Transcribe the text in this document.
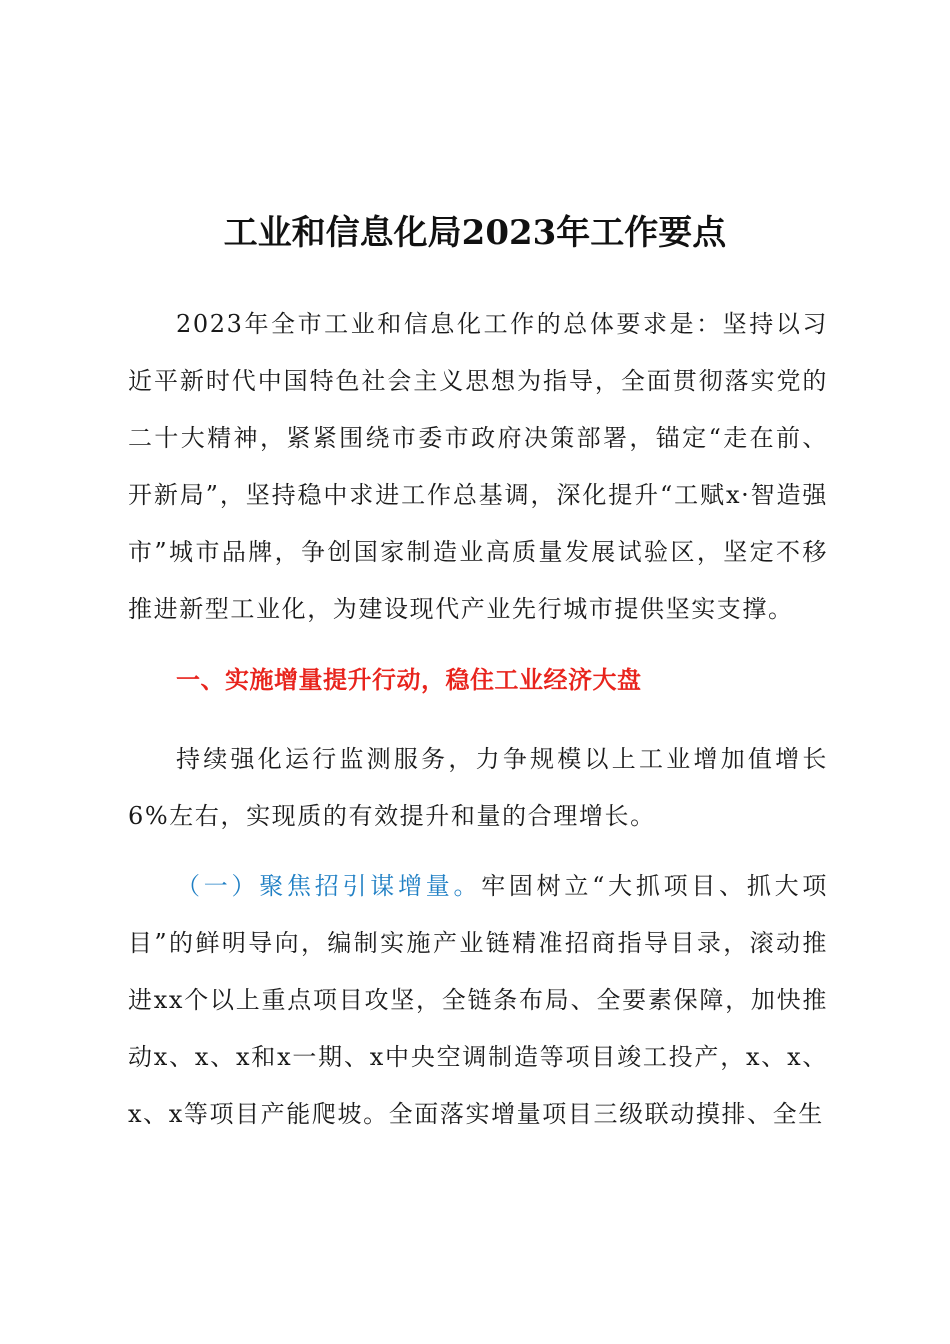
工业和信息化局2023年工作要点

2023年全市工业和信息化工作的总体要求是：坚持以习近平新时代中国特色社会主义思想为指导，全面贯彻落实党的二十大精神，紧紧围绕市委市政府决策部署，锚定“走在前、开新局”，坚持稳中求进工作总基调，深化提升“工赋x·智造强市”城市品牌，争创国家制造业高质量发展试验区，坚定不移推进新型工业化，为建设现代产业先行城市提供坚实支撑。

一、实施增量提升行动，稳住工业经济大盘

持续强化运行监测服务，力争规模以上工业增加值增长6%左右，实现质的有效提升和量的合理增长。

（一）聚焦招引谋增量。牢固树立“大抓项目、抓大项目”的鲜明导向，编制实施产业链精准招商指导目录，滚动推进xx个以上重点项目攻坚，全链条布局、全要素保障，加快推动x、x、x和x一期、x中央空调制造等项目竣工投产，x、x、x、x等项目产能爬坡。全面落实增量项目三级联动摸排、全生
